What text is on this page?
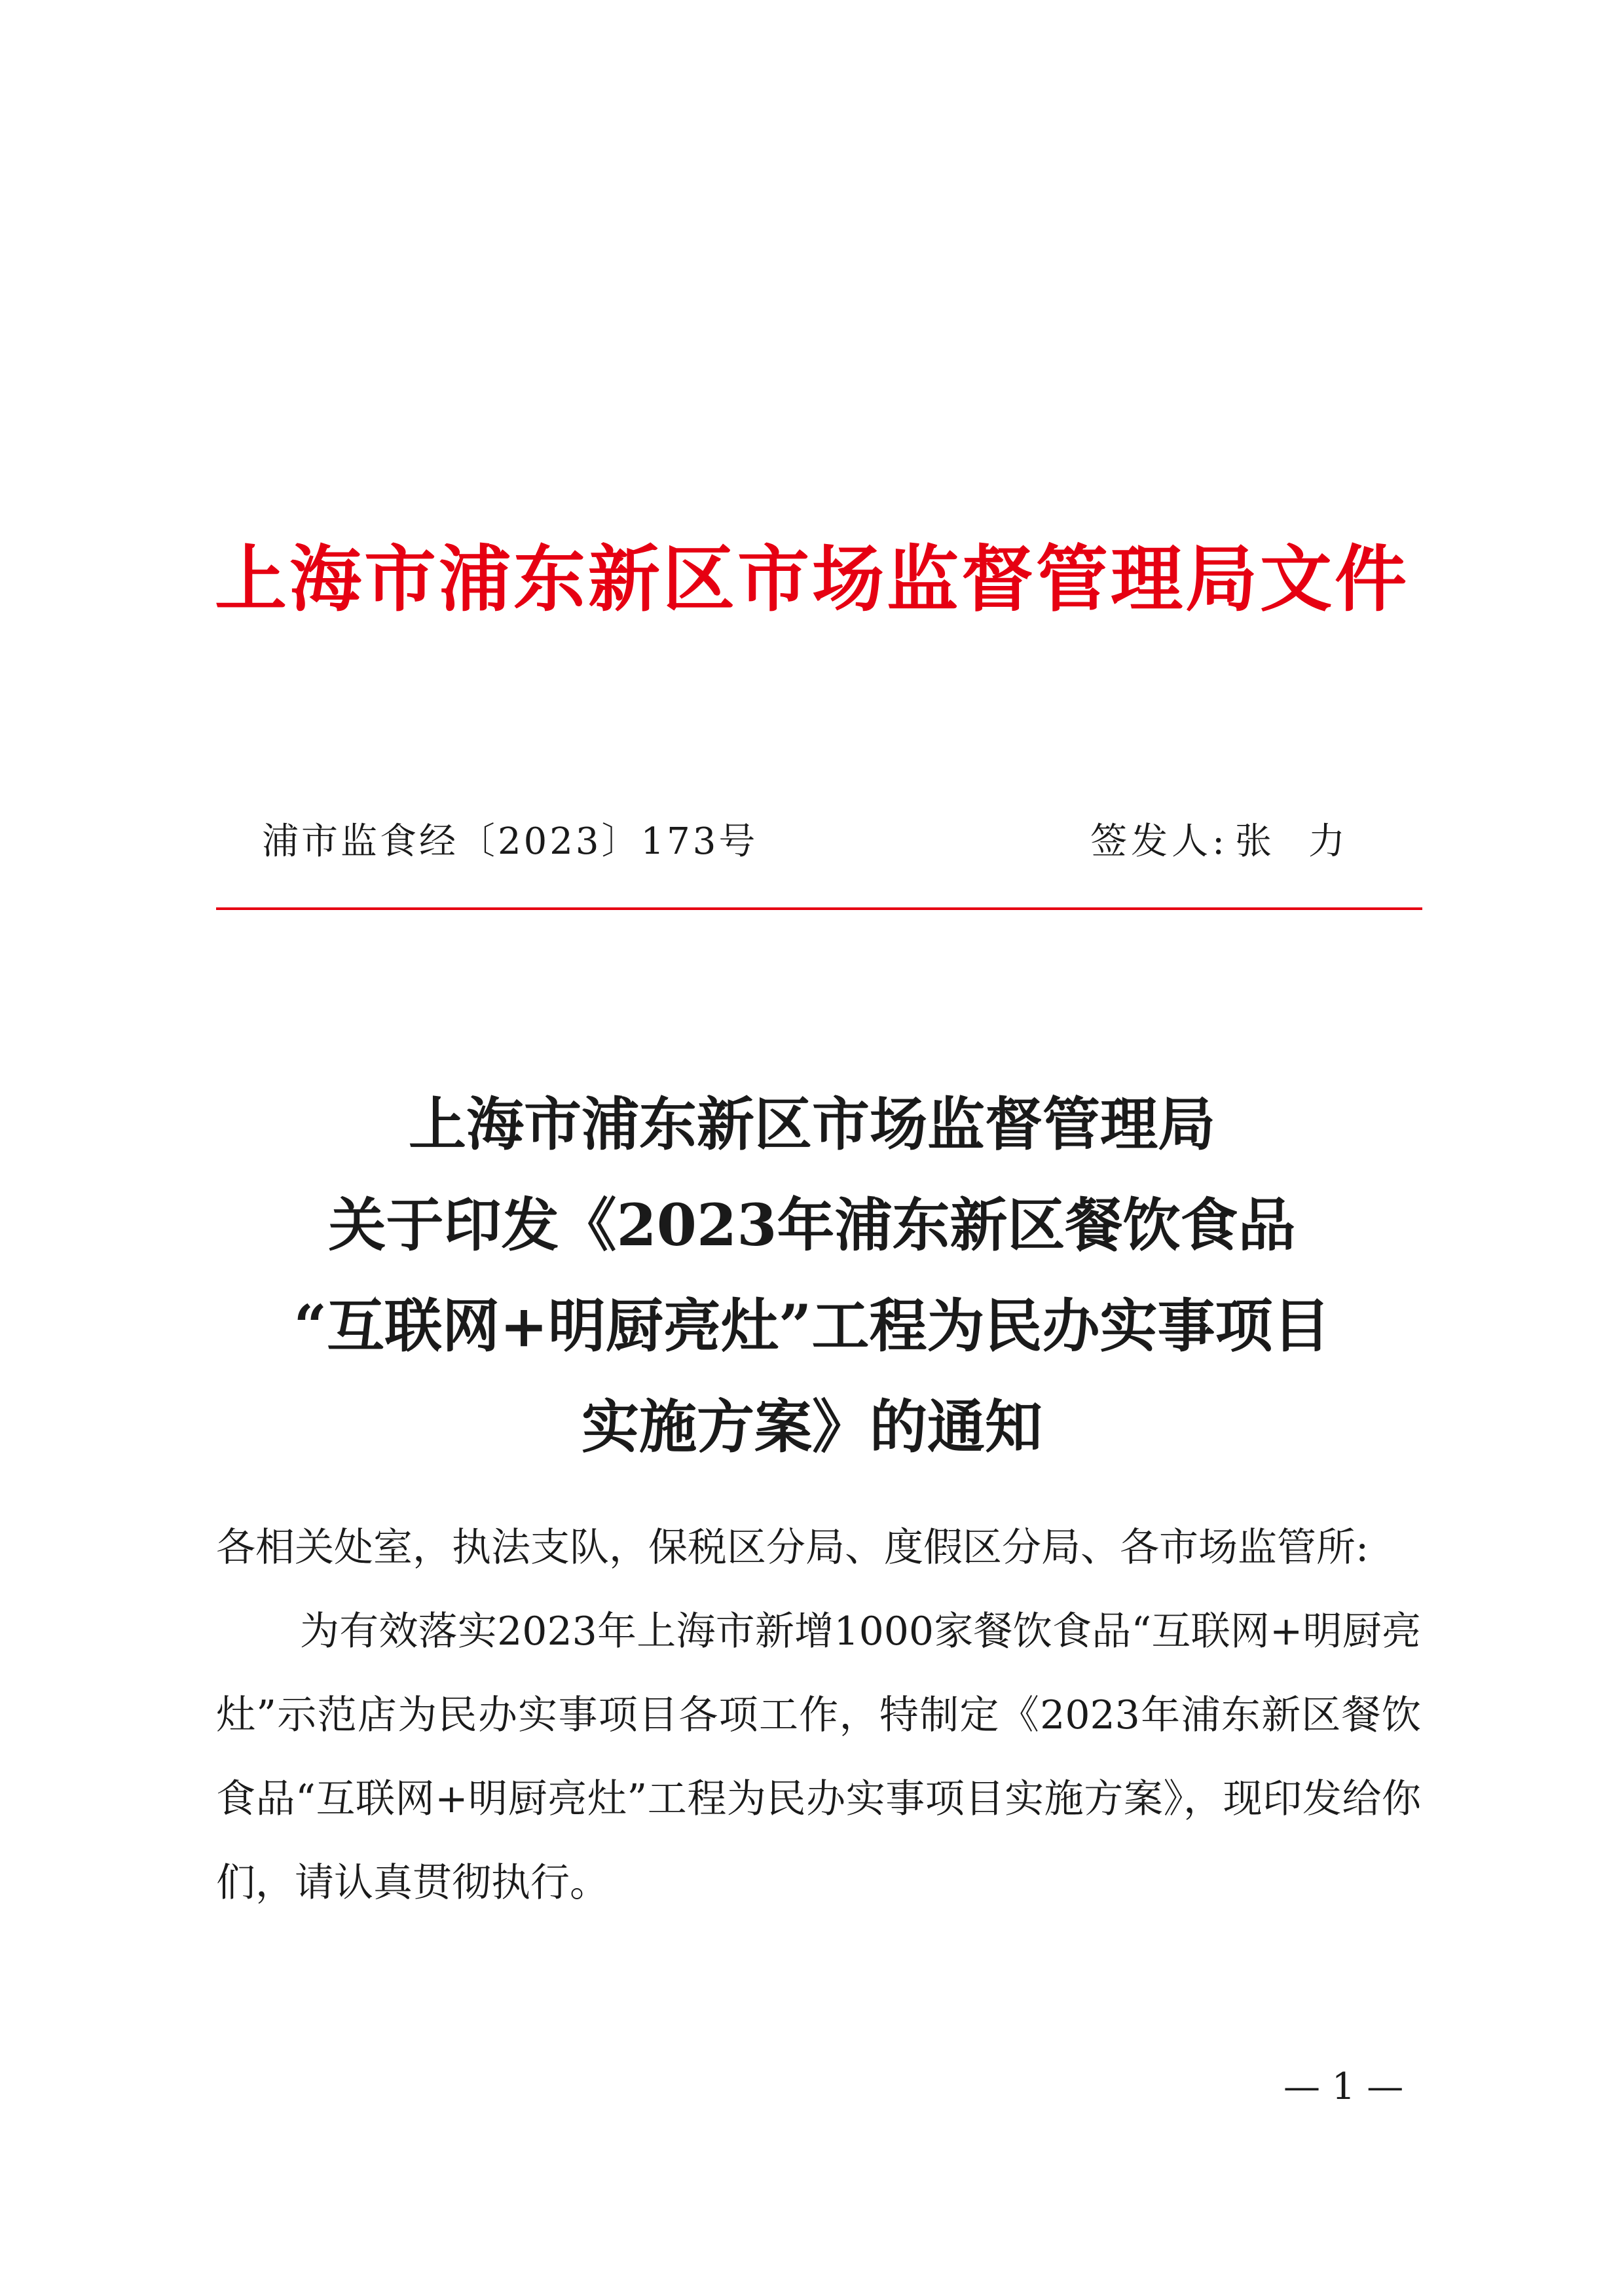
上海市浦东新区市场监督管理局文件
浦市监食经〔2023〕173号	签发人: 张力
上海市浦东新区市场监督管理局
关于印发《2023年浦东新区餐饮食品
“互联网+明厨亮灶”工程为民办实事项目
实施方案》的通知

各相关处室，执法支队，保税区分局、度假区分局、各市场监管所:

为有效落实2023年上海市新增1000家餐饮食品“互联网+明厨亮灶”示范店为民办实事项目各项工作，特制定《2023年浦东新区餐饮食品“互联网+明厨亮灶”工程为民办实事项目实施方案》，现印发给你们，请认真贯彻执行。

— 1 —
